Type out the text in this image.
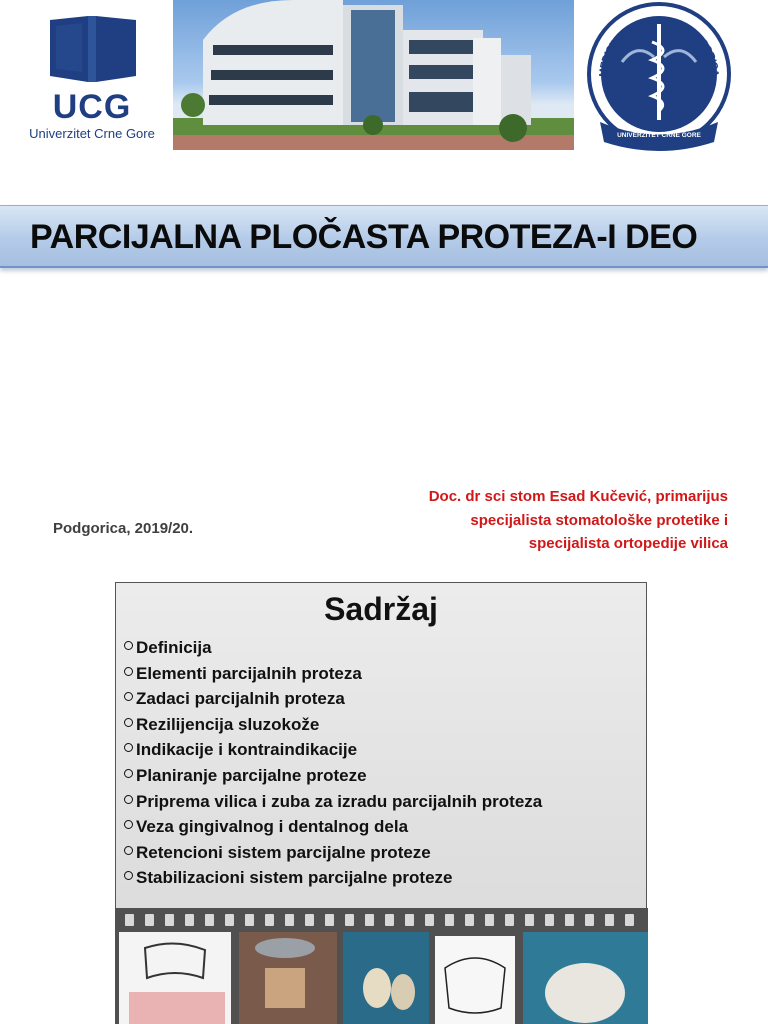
UCG
Univerzitet Crne Gore
MEDICINSKI FAKULTET PODGORICA
UNIVERZITET CRNE GORE
PARCIJALNA PLOČASTA PROTEZA-I DEO
Podgorica, 2019/20.
Doc. dr sci stom Esad Kučević, primarijus
specijalista stomatološke protetike i
specijalista ortopedije vilica
Sadržaj
Definicija
Elementi parcijalnih proteza
Zadaci parcijalnih proteza
Rezilijencija sluzokože
Indikacije i kontraindikacije
Planiranje parcijalne proteze
Priprema vilica i zuba za izradu parcijalnih proteza
Veza gingivalnog i dentalnog dela
Retencioni sistem parcijalne proteze
Stabilizacioni sistem parcijalne proteze
